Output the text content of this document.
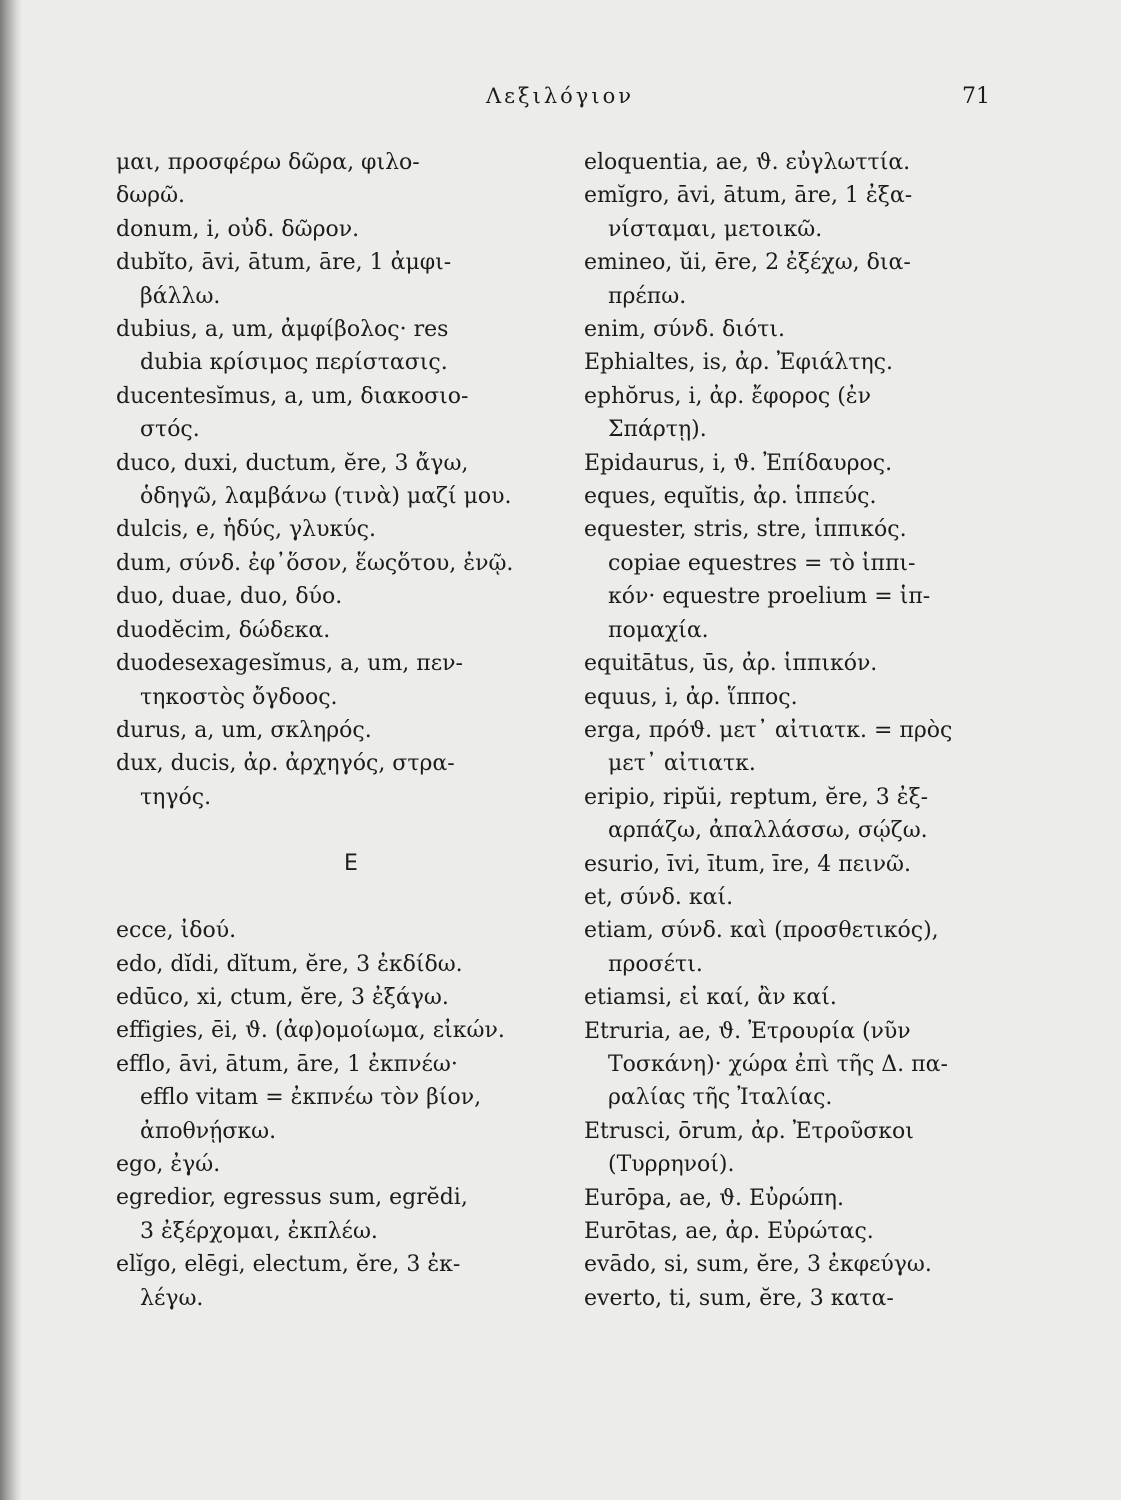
Λεξιλόγιον	71

μαι, προσφέρω δῶρα, φιλο-
δωρῶ.

donum, i, οὐδ. δῶρον.

dubĭto, āvi, ātum, āre, 1 ἀμφι-
βάλλω.

dubius, a, um, ἀμφίβολος· res
dubia κρίσιμος περίστασις.

ducentesĭmus, a, um, διακοσιο-
στός.

duco, duxi, ductum, ĕre, 3 ἄγω,
ὁδηγῶ, λαμβάνω (τινὰ) μαζί μου.

dulcis, e, ἡδύς, γλυκύς.

dum, σύνδ. ἐφ᾽ὅσον, ἕωςὅτου, ἐνῷ.

duo, duae, duo, δύο.

duodĕcim, δώδεκα.

duodesexagesĭmus, a, um, πεν-
τηκοστὸς ὄγδοος.

durus, a, um, σκληρός.

dux, ducis, ἀρ. ἀρχηγός, στρα-
τηγός.

E

ecce, ἰδού.

edo, dĭdi, dĭtum, ĕre, 3 ἐκδίδω.

edūco, xi, ctum, ĕre, 3 ἐξάγω.

effigies, ēi, ϑ. (ἀφ)ομοίωμα, εἰκών.

efflo, āvi, ātum, āre, 1 ἐκπνέω·
efflo vitam = ἐκπνέω τὸν βίον,
ἀποθνῄσκω.

ego, ἐγώ.

egredior, egressus sum, egrĕdi,
3 ἐξέρχομαι, ἐκπλέω.

elĭgo, elēgi, electum, ĕre, 3 ἐκ-
λέγω.

eloquentia, ae, ϑ. εὐγλωττία.

emĭgro, āvi, ātum, āre, 1 ἐξα-
νίσταμαι, μετοικῶ.

emineo, ŭi, ēre, 2 ἐξέχω, δια-
πρέπω.

enim, σύνδ. διότι.

Ephialtes, is, ἀρ. Ἐφιάλτης.

ephŏrus, i, ἀρ. ἔφορος (ἐν
Σπάρτῃ).

Epidaurus, i, ϑ. Ἐπίδαυρος.

eques, equĭtis, ἀρ. ἱππεύς.

equester, stris, stre, ἱππικός.
copiae equestres = τὸ ἱππι-
κόν· equestre proelium = ἱπ-
πομαχία.

equitātus, ūs, ἀρ. ἱππικόν.

equus, i, ἀρ. ἵππος.

erga, πρόϑ. μετ᾽ αἰτιατκ. = πρὸς
μετ᾽ αἰτιατκ.

eripio, ripŭi, reptum, ĕre, 3 ἐξ-
αρπάζω, ἀπαλλάσσω, σῴζω.

esurio, īvi, ītum, īre, 4 πεινῶ.

et, σύνδ. καί.

etiam, σύνδ. καὶ (προσθετικός),
προσέτι.

etiamsi, εἰ καί, ἂν καί.

Etruria, ae, ϑ. Ἐτρουρία (νῦν
Τοσκάνη)· χώρα ἐπὶ τῆς Δ. πα-
ραλίας τῆς Ἰταλίας.

Etrusci, ōrum, ἀρ. Ἐτροῦσκοι
(Τυρρηνοί).

Eurōpa, ae, ϑ. Εὐρώπη.

Eurōtas, ae, ἀρ. Εὐρώτας.

evādo, si, sum, ĕre, 3 ἐκφεύγω.

everto, ti, sum, ĕre, 3 κατα-
